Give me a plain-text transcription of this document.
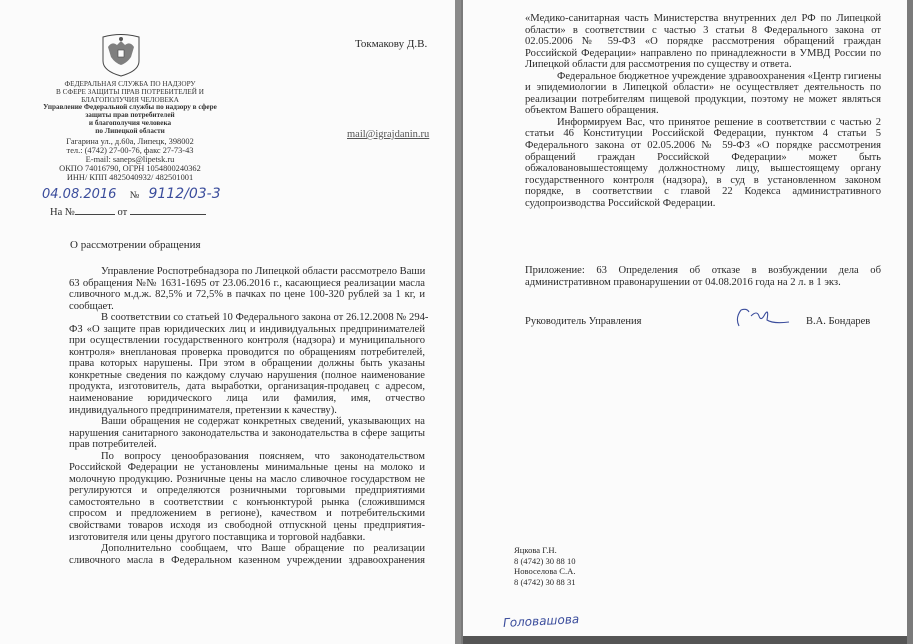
ФЕДЕРАЛЬНАЯ СЛУЖБА ПО НАДЗОРУ
В СФЕРЕ ЗАЩИТЫ ПРАВ ПОТРЕБИТЕЛЕЙ И
БЛАГОПОЛУЧИЯ ЧЕЛОВЕКА
Управление Федеральной службы по надзору в сфере
защиты прав потребителей
и благополучия человека
по Липецкой области
Гагарина ул., д.60а, Липецк, 398002
тел.: (4742) 27-00-76, факс 27-73-43
E-mail: saneps@lipetsk.ru
ОКПО 74016790, ОГРН 1054800240362
ИНН/ КПП 4825040932/ 482501001
04.08.2016 № 9112/03-3
На №	от
Токмакову Д.В.
mail@igrajdanin.ru
О рассмотрении обращения
Управление Роспотребнадзора по Липецкой области рассмотрело Ваши
63 обращения №№ 1631-1695 от 23.06.2016 г., касающиеся реализации масла
сливочного м.д.ж. 82,5% и 72,5% в пачках по цене 100-320 рублей за 1 кг, и
сообщает.
В соответствии со статьей 10 Федерального закона от 26.12.2008 № 294-
ФЗ «О защите прав юридических лиц и индивидуальных предпринимателей
при осуществлении государственного контроля (надзора) и муниципального
контроля» внеплановая проверка проводится по обращениям потребителей,
права которых нарушены. При этом в обращении должны быть указаны
конкретные сведения по каждому случаю нарушения (полное наименование
продукта, изготовитель, дата выработки, организация-продавец с адресом,
наименование юридического лица или фамилия, имя, отчество
индивидуального предпринимателя, претензии к качеству).
Ваши обращения не содержат конкретных сведений, указывающих на
нарушения санитарного законодательства и законодательства в сфере защиты
прав потребителей.
По вопросу ценообразования поясняем, что законодательством
Российской Федерации не установлены минимальные цены на молоко и
молочную продукцию. Розничные цены на масло сливочное государством не
регулируются и определяются розничными торговыми предприятиями
самостоятельно в соответствии с конъюнктурой рынка (сложившимся
спросом и предложением в регионе), качеством и потребительскими
свойствами товаров исходя из свободной отпускной цены предприятия-
изготовителя или цены другого поставщика и торговой надбавки.
Дополнительно сообщаем, что Ваше обращение по реализации
сливочного масла в Федеральном казенном учреждении здравоохранения
«Медико-санитарная часть Министерства внутренних дел РФ по Липецкой
области» в соответствии с частью 3 статьи 8 Федерального закона от
02.05.2006 № 59-ФЗ «О порядке рассмотрения обращений граждан
Российской Федерации» направлено по принадлежности в УМВД России по
Липецкой области для рассмотрения по существу и ответа.
Федеральное бюджетное учреждение здравоохранения «Центр гигиены
и эпидемиологии в Липецкой области» не осуществляет деятельность по
реализации потребителям пищевой продукции, поэтому не может являться
объектом Вашего обращения.
Информируем Вас, что принятое решение в соответствии с частью 2
статьи 46 Конституции Российской Федерации, пунктом 4 статьи 5
Федерального закона от 02.05.2006 № 59-ФЗ «О порядке рассмотрения
обращений граждан Российской Федерации» может быть
обжаловановышестоящему должностному лицу, вышестоящему органу
государственного контроля (надзора), в суд в установленном законом
порядке, в соответствии с главой 22 Кодекса административного
судопроизводства Российской Федерации.
Приложение: 63 Определения об отказе в возбуждении дела об
административном правонарушении от 04.08.2016 года на 2 л. в 1 экз.
Руководитель Управления	В.А. Бондарев
Яцкова Г.Н.
8 (4742) 30 88 10
Новоселова С.А.
8 (4742) 30 88 31
Головашова
